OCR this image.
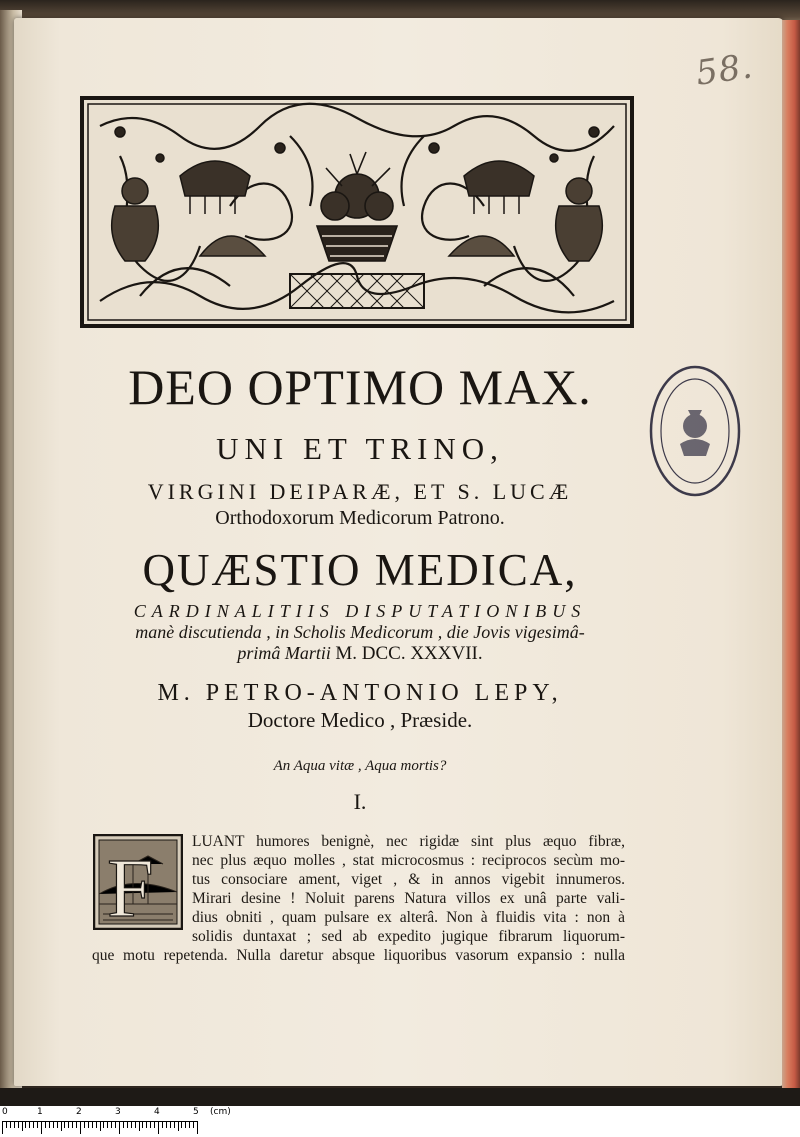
58.
DEO OPTIMO MAX.
UNI ET TRINO,
VIRGINI DEIPARÆ, ET S. LUCÆ
Orthodoxorum Medicorum Patrono.
QUÆSTIO MEDICA,
CARDINALITIIS DISPUTATIONIBUS
manè discutienda , in Scholis Medicorum , die Jovis vigesimâ-
primâ Martii M. DCC. XXXVII.
M. PETRO-ANTONIO LEPY,
Doctore Medico , Præside.
An Aqua vitæ , Aqua mortis?
I.
F
LUANT humores benignè, nec rigidæ sint plus æquo fibræ,
nec plus æquo molles , stat microcosmus : reciprocos secùm mo-
tus consociare ament, viget , & in annos vigebit innumeros.
Mirari desine ! Noluit parens Natura villos ex unâ parte vali-
dius obniti , quam pulsare ex alterâ. Non à fluidis vita : non à
solidis duntaxat ; sed ab expedito jugique fibrarum liquorum-
que motu repetenda. Nulla daretur absque liquoribus vasorum expansio : nulla
0	1	2	3	4	5 (cm)
